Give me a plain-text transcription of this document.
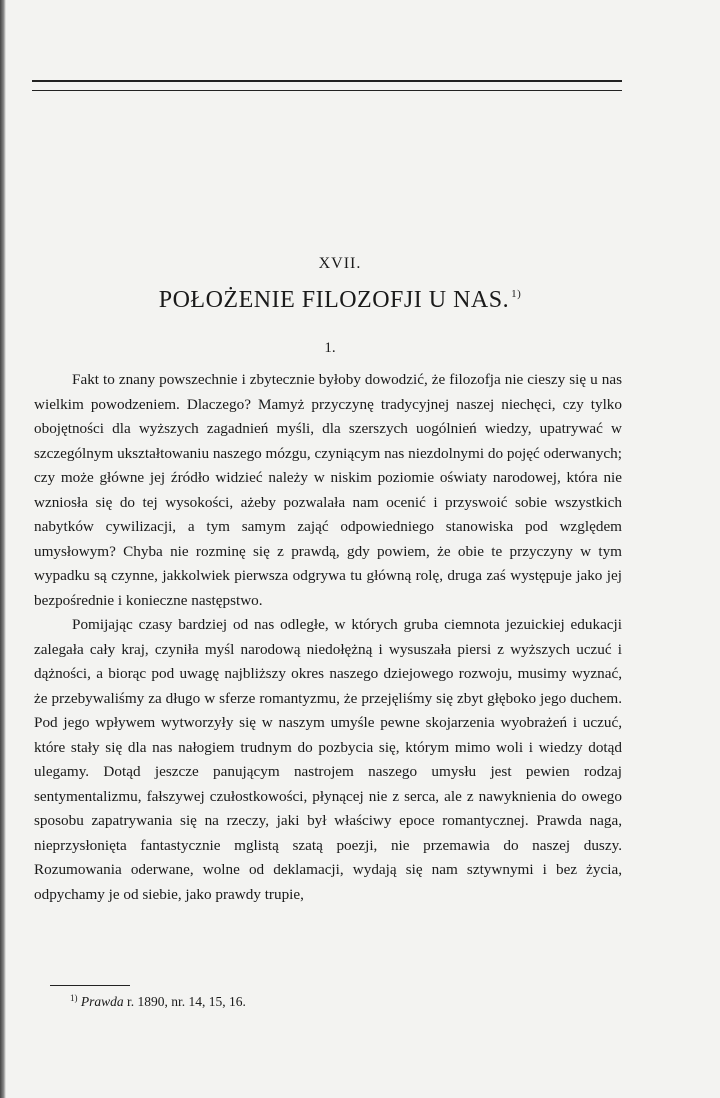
XVII.
POŁOŻENIE FILOZOFJI U NAS. $^{1)}$
1.

Fakt to znany powszechnie i zbytecznie byłoby dowodzić, że filozofja nie cieszy się u nas wielkim powodzeniem. Dlaczego? Mamyż przyczynę tradycyjnej naszej niechęci, czy tylko obojętności dla wyższych zagadnień myśli, dla szerszych uogólnień wiedzy, upatrywać w szczególnym ukształtowaniu naszego mózgu, czyniącym nas niezdolnymi do pojęć oderwanych; czy może główne jej źródło widzieć należy w niskim poziomie oświaty narodowej, która nie wzniosła się do tej wysokości, ażeby pozwalała nam ocenić i przyswoić sobie wszystkich nabytków cywilizacji, a tym samym zająć odpowiedniego stanowiska pod względem umysłowym? Chyba nie rozminę się z prawdą, gdy powiem, że obie te przyczyny w tym wypadku są czynne, jakkolwiek pierwsza odgrywa tu główną rolę, druga zaś występuje jako jej bezpośrednie i konieczne następstwo.

Pomijając czasy bardziej od nas odległe, w których gruba ciemnota jezuickiej edukacji zalegała cały kraj, czyniła myśl narodową niedołężną i wysuszała piersi z wyższych uczuć i dążności, a biorąc pod uwagę najbliższy okres naszego dziejowego rozwoju, musimy wyznać, że przebywaliśmy za długo w sferze romantyzmu, że przejęliśmy się zbyt głęboko jego duchem. Pod jego wpływem wytworzyły się w naszym umyśle pewne skojarzenia wyobrażeń i uczuć, które stały się dla nas nałogiem trudnym do pozbycia się, którym mimo woli i wiedzy dotąd ulegamy. Dotąd jeszcze panującym nastrojem naszego umysłu jest pewien rodzaj sentymentalizmu, fałszywej czułostkowości, płynącej nie z serca, ale z nawyknienia do owego sposobu zapatrywania się na rzeczy, jaki był właściwy epoce romantycznej. Prawda naga, nieprzysłonięta fantastycznie mglistą szatą poezji, nie przemawia do naszej duszy. Rozumowania oderwane, wolne od deklamacji, wydają się nam sztywnymi i bez życia, odpychamy je od siebie, jako prawdy trupie,

$^{1)}$ Prawda r. 1890, nr. 14, 15, 16.
